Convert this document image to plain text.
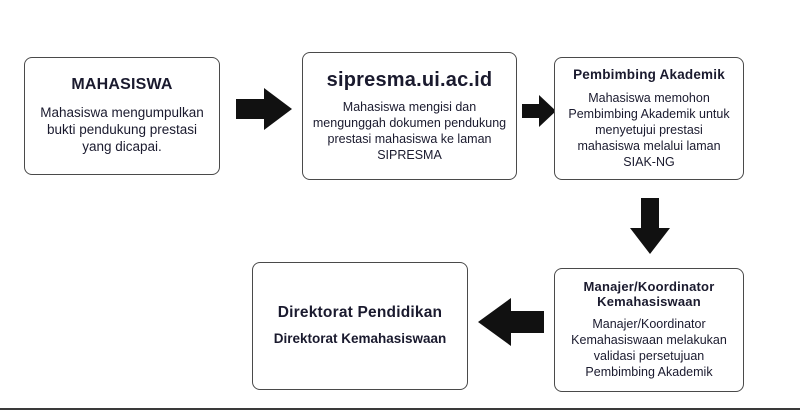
MAHASISWA
Mahasiswa mengumpulkan bukti pendukung prestasi yang dicapai.
sipresma.ui.ac.id
Mahasiswa mengisi dan mengunggah dokumen pendukung prestasi mahasiswa ke laman SIPRESMA
Pembimbing Akademik
Mahasiswa memohon Pembimbing Akademik untuk menyetujui prestasi mahasiswa melalui laman SIAK-NG
Manajer/Koordinator Kemahasiswaan
Manajer/Koordinator Kemahasiswaan melakukan validasi persetujuan Pembimbing Akademik
Direktorat Pendidikan
Direktorat Kemahasiswaan
